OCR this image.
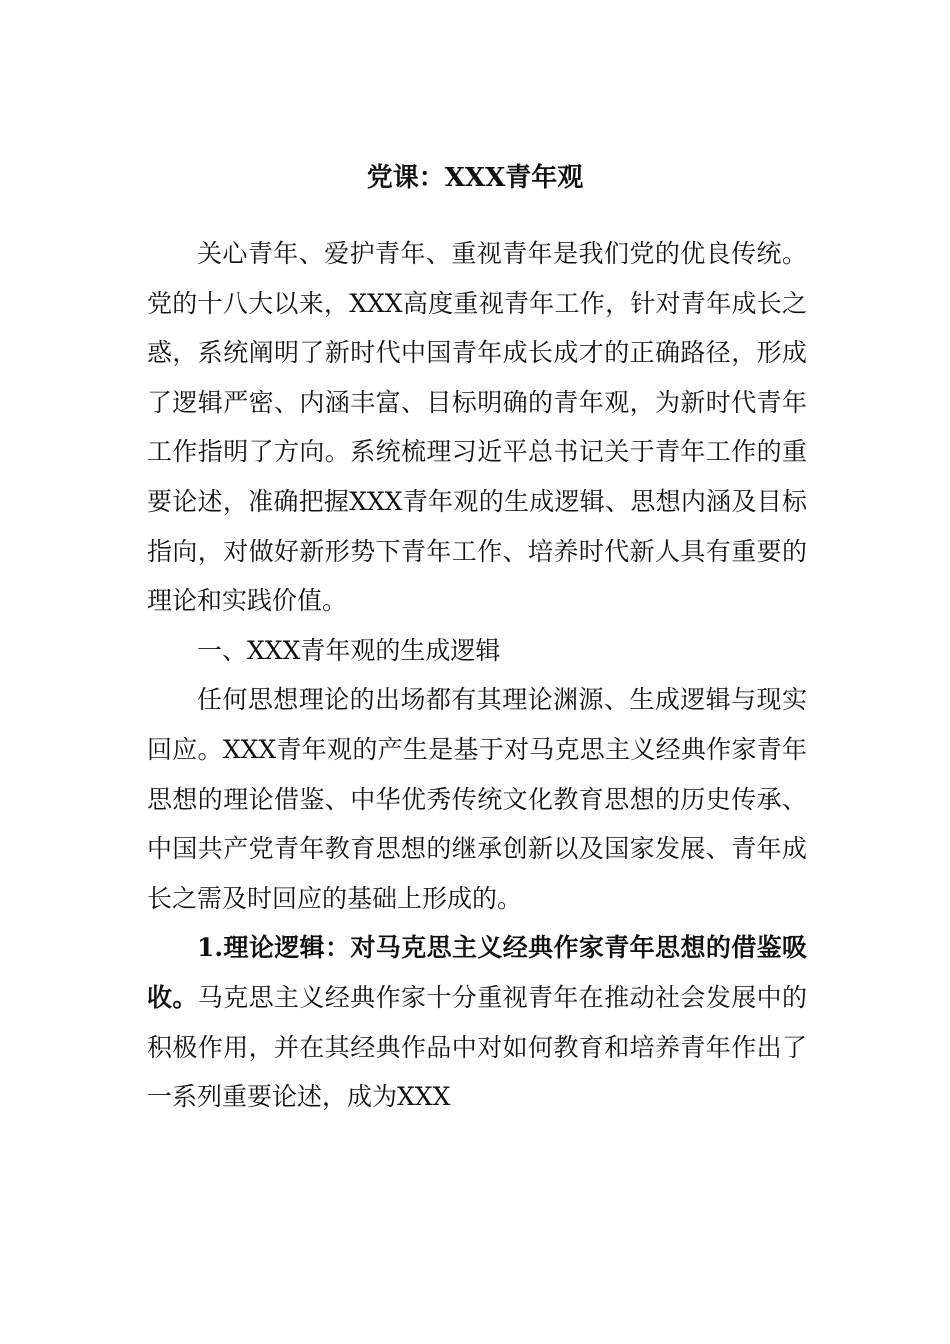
党课：XXX青年观

关心青年、爱护青年、重视青年是我们党的优良传统。党的十八大以来，XXX高度重视青年工作，针对青年成长之惑，系统阐明了新时代中国青年成长成才的正确路径，形成了逻辑严密、内涵丰富、目标明确的青年观，为新时代青年工作指明了方向。系统梳理习近平总书记关于青年工作的重要论述，准确把握XXX青年观的生成逻辑、思想内涵及目标指向，对做好新形势下青年工作、培养时代新人具有重要的理论和实践价值。

一、XXX青年观的生成逻辑

任何思想理论的出场都有其理论渊源、生成逻辑与现实回应。XXX青年观的产生是基于对马克思主义经典作家青年思想的理论借鉴、中华优秀传统文化教育思想的历史传承、中国共产党青年教育思想的继承创新以及国家发展、青年成长之需及时回应的基础上形成的。

1.理论逻辑：对马克思主义经典作家青年思想的借鉴吸收。马克思主义经典作家十分重视青年在推动社会发展中的积极作用，并在其经典作品中对如何教育和培养青年作出了一系列重要论述，成为XXX
